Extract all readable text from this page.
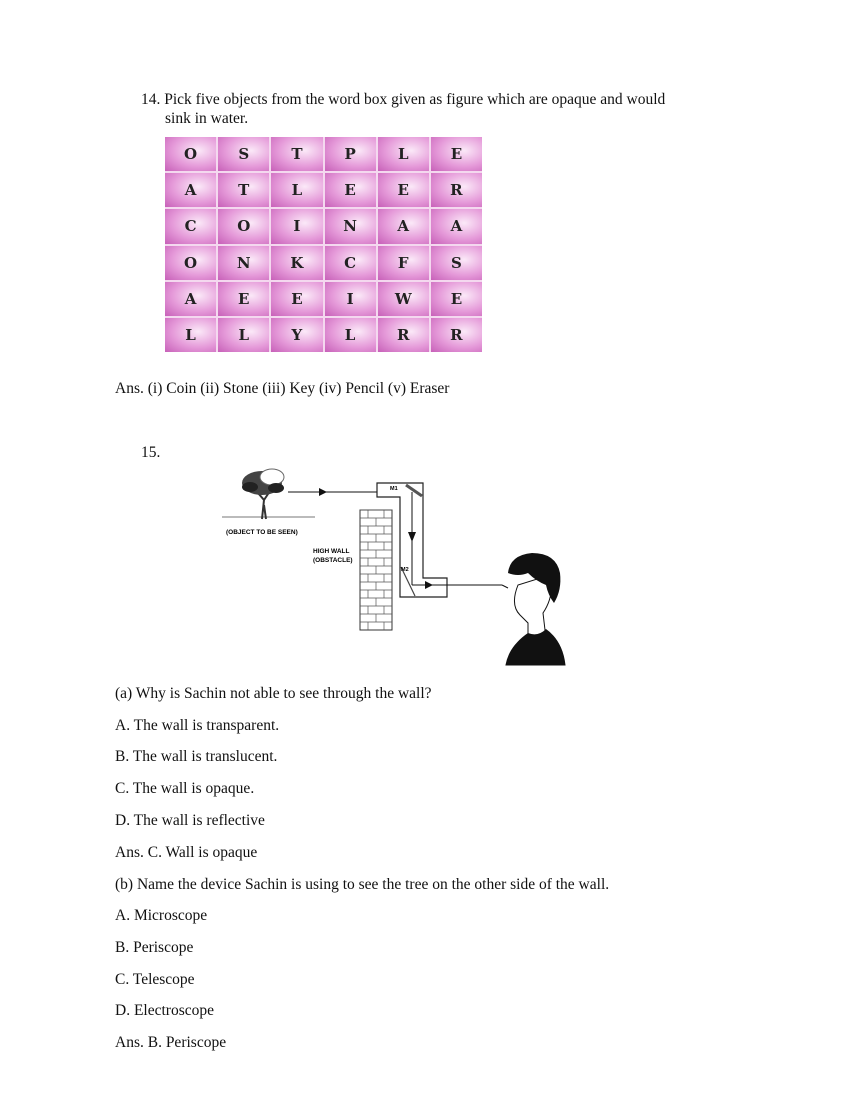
14. Pick five objects from the word box given as figure which are opaque and would
sink in water.
O	S	T	P	L	E
A	T	L	E	E	R
C	O	I	N	A	A
O	N	K	C	F	S
A	E	E	I	W	E
L	L	Y	L	R	R
Ans. (i) Coin (ii) Stone (iii) Key (iv) Pencil (v) Eraser
15.
(OBJECT TO BE SEEN)
HIGH WALL
(OBSTACLE)
M1
M2
(a) Why is Sachin not able to see through the wall?
A. The wall is transparent.
B. The wall is translucent.
C. The wall is opaque.
D. The wall is reflective
Ans. C. Wall is opaque
(b) Name the device Sachin is using to see the tree on the other side of the wall.
A. Microscope
B. Periscope
C. Telescope
D. Electroscope
Ans. B. Periscope
